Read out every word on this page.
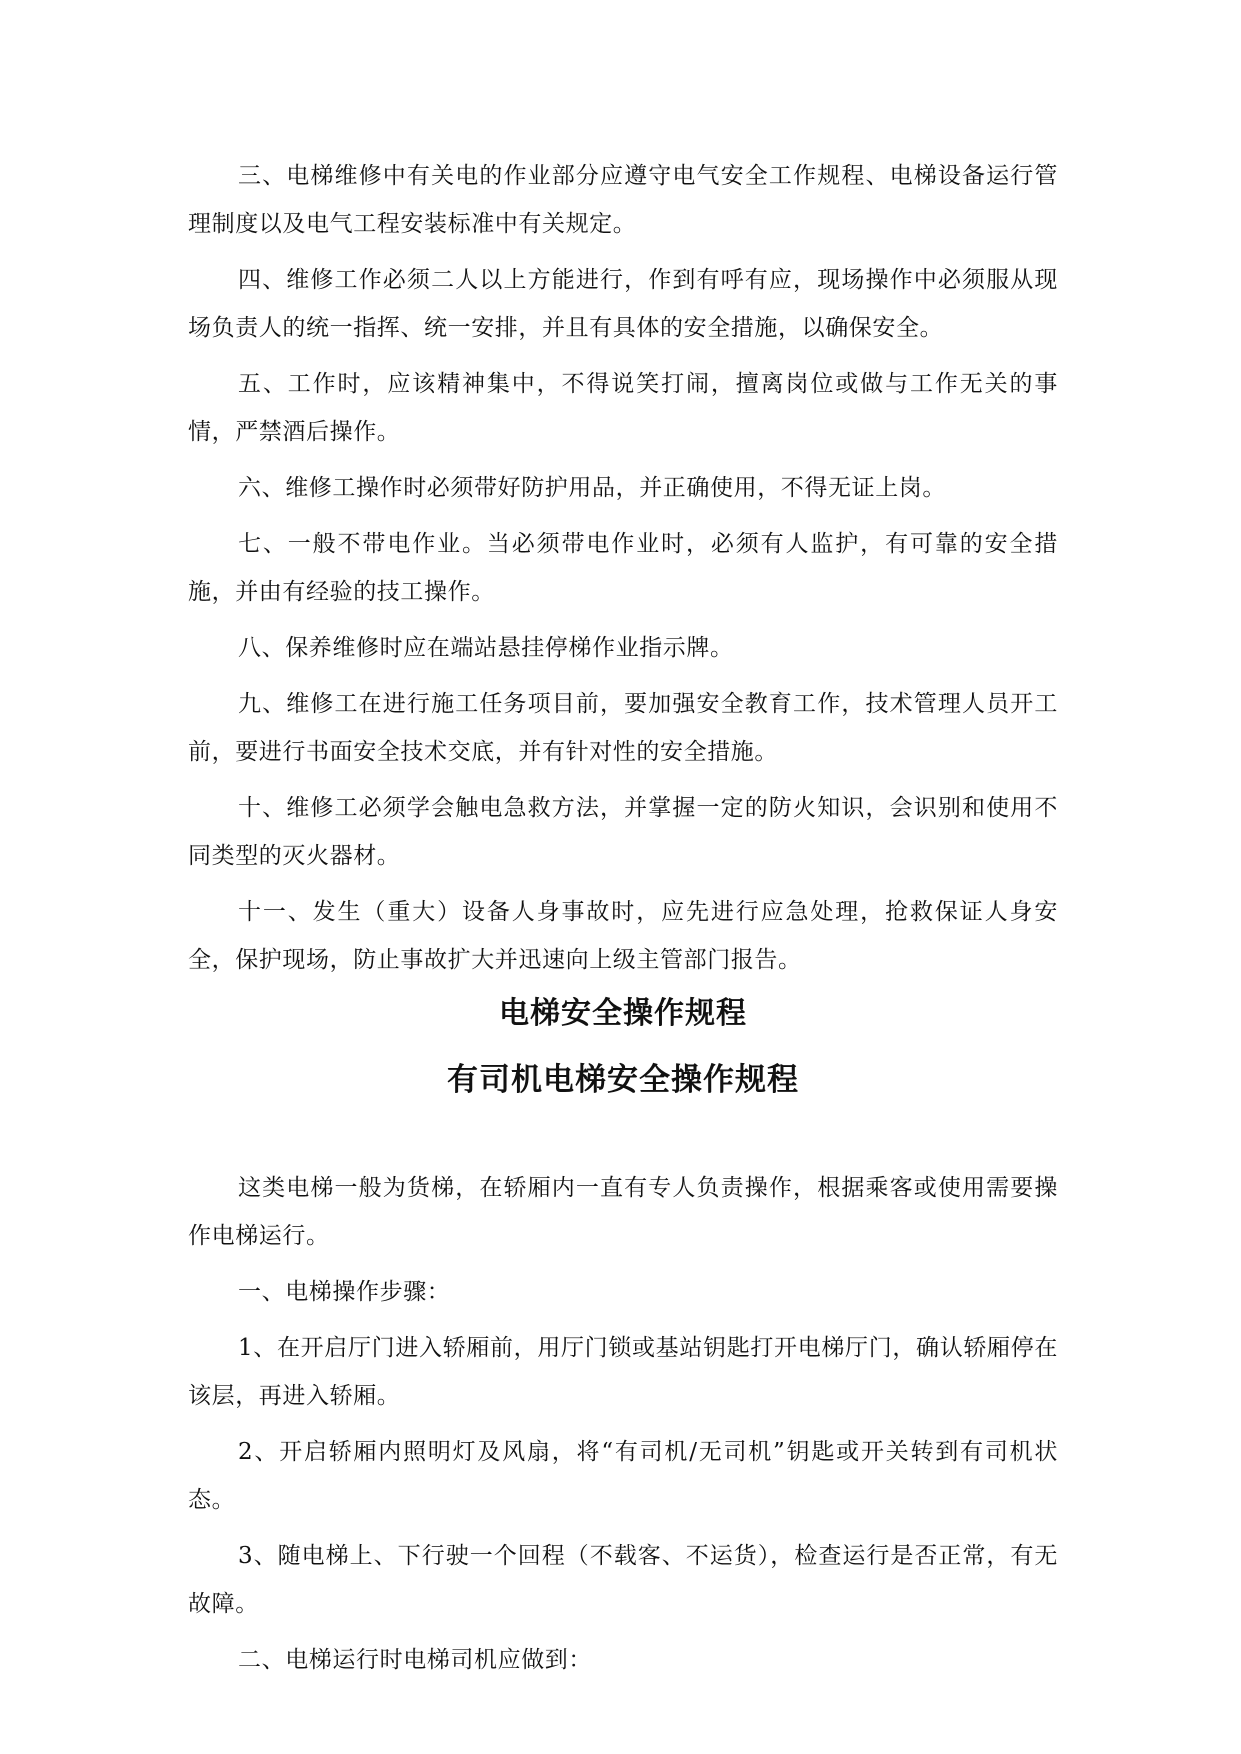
三、电梯维修中有关电的作业部分应遵守电气安全工作规程、电梯设备运行管理制度以及电气工程安装标准中有关规定。

四、维修工作必须二人以上方能进行，作到有呼有应，现场操作中必须服从现场负责人的统一指挥、统一安排，并且有具体的安全措施，以确保安全。

五、工作时，应该精神集中，不得说笑打闹，擅离岗位或做与工作无关的事情，严禁酒后操作。

六、维修工操作时必须带好防护用品，并正确使用，不得无证上岗。

七、一般不带电作业。当必须带电作业时，必须有人监护，有可靠的安全措施，并由有经验的技工操作。

八、保养维修时应在端站悬挂停梯作业指示牌。

九、维修工在进行施工任务项目前，要加强安全教育工作，技术管理人员开工前，要进行书面安全技术交底，并有针对性的安全措施。

十、维修工必须学会触电急救方法，并掌握一定的防火知识，会识别和使用不同类型的灭火器材。

十一、发生（重大）设备人身事故时，应先进行应急处理，抢救保证人身安全，保护现场，防止事故扩大并迅速向上级主管部门报告。

电梯安全操作规程
有司机电梯安全操作规程

这类电梯一般为货梯，在轿厢内一直有专人负责操作，根据乘客或使用需要操作电梯运行。

一、电梯操作步骤：

1、在开启厅门进入轿厢前，用厅门锁或基站钥匙打开电梯厅门，确认轿厢停在该层，再进入轿厢。

2、开启轿厢内照明灯及风扇，将“有司机/无司机”钥匙或开关转到有司机状态。

3、随电梯上、下行驶一个回程（不载客、不运货），检查运行是否正常，有无故障。

二、电梯运行时电梯司机应做到：
